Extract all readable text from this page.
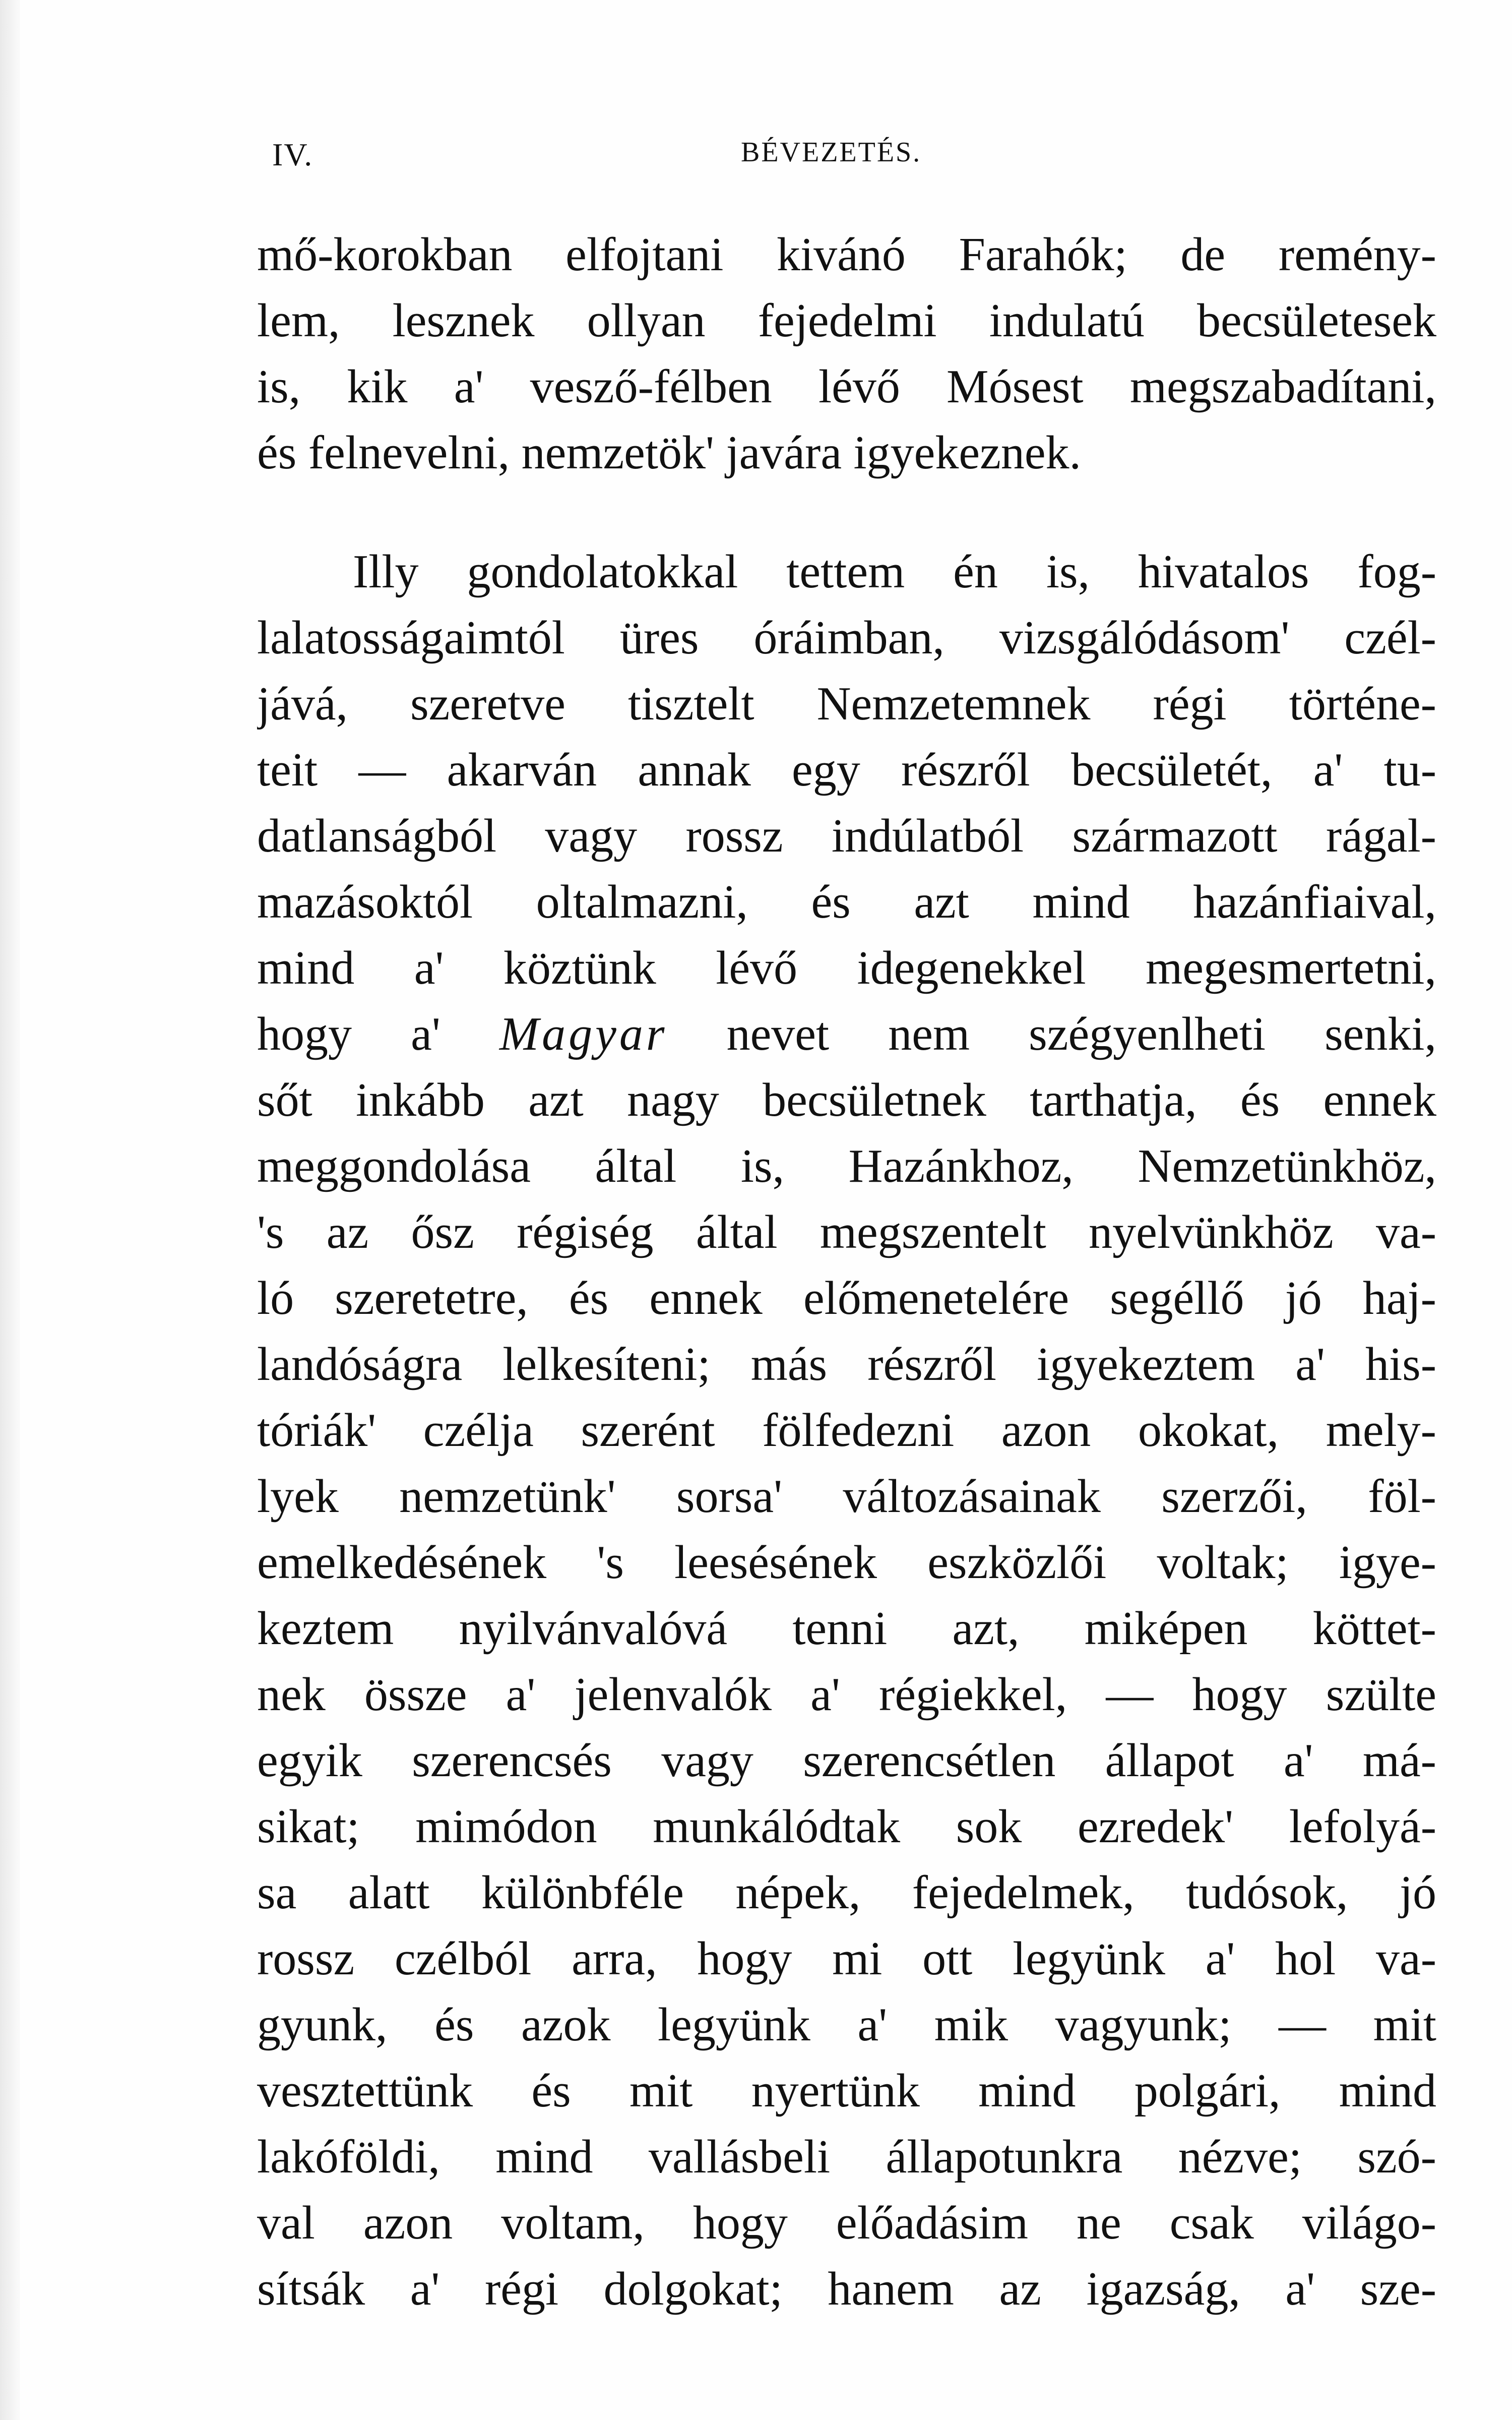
IV.	BÉVEZETÉS.
mő-korokban elfojtani kivánó Farahók; de remény-
lem, lesznek ollyan fejedelmi indulatú becsületesek
is, kik a' vesző-félben lévő Mósest megszabadítani,
és felnevelni, nemzetök' javára igyekeznek.
Illy gondolatokkal tettem én is, hivatalos fog-
lalatosságaimtól üres óráimban, vizsgálódásom' czél-
jává, szeretve tisztelt Nemzetemnek régi történe-
teit — akarván annak egy részről becsületét, a' tu-
datlanságból vagy rossz indúlatból származott rágal-
mazásoktól oltalmazni, és azt mind hazánfiaival,
mind a' köztünk lévő idegenekkel megesmertetni,
hogy a' Magyar nevet nem szégyenlheti senki,
sőt inkább azt nagy becsületnek tarthatja, és ennek
meggondolása által is, Hazánkhoz, Nemzetünkhöz,
's az ősz régiség által megszentelt nyelvünkhöz va-
ló szeretetre, és ennek előmenetelére segéllő jó haj-
landóságra lelkesíteni; más részről igyekeztem a' his-
tóriák' czélja szerént fölfedezni azon okokat, mely-
lyek nemzetünk' sorsa' változásainak szerzői, föl-
emelkedésének 's leesésének eszközlői voltak; igye-
keztem nyilvánvalóvá tenni azt, miképen köttet-
nek össze a' jelenvalók a' régiekkel, — hogy szülte
egyik szerencsés vagy szerencsétlen állapot a' má-
sikat; mimódon munkálódtak sok ezredek' lefolyá-
sa alatt különbféle népek, fejedelmek, tudósok, jó
rossz czélból arra, hogy mi ott legyünk a' hol va-
gyunk, és azok legyünk a' mik vagyunk; — mit
vesztettünk és mit nyertünk mind polgári, mind
lakóföldi, mind vallásbeli állapotunkra nézve; szó-
val azon voltam, hogy előadásim ne csak világo-
sítsák a' régi dolgokat; hanem az igazság, a' sze-
